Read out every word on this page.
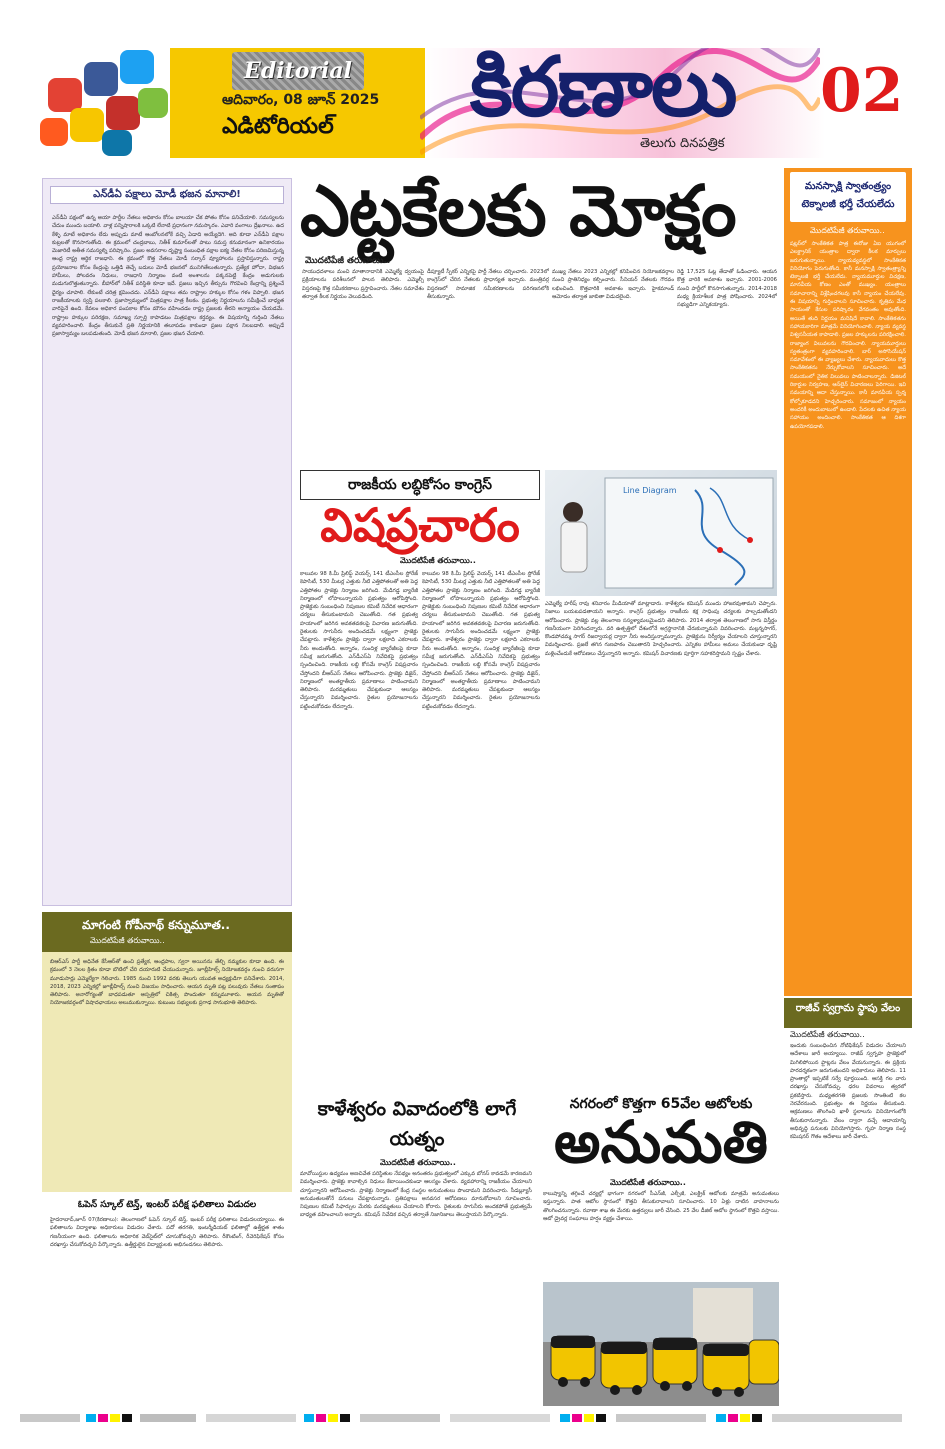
Editorial
ఆదివారం, 08 జూన్ 2025
ఎడిటోరియల్ కిరణాలు
తెలుగు దినపత్రిక
02
ఎన్‌డీఏ పక్షాలు మోడీ భజన మానాలి!
ఎన్‌డీఏ పక్షంలో ఉన్న అయా పార్టీల నేతలు అధికారం కోసం బాలయా చేక పోతం కోసం పనిచేయాలి. సమస్యలను చేదుం ముందు బయాలి. వాళ్ల పన్నిషారాలకి ఒక్కటి లేనాటి ప్రధానంగా నమస్కారం. ఎవారి వంగాలు ద్రేఖనాలు. ఉద కేళ్ళి మాటే అధికారం లేదు అప్పుడు మాటే ఆంబోలనలోకే వచ్చి ఏడాది అయ్యేదెగి. అది కూడా ఎన్‌డీఏ పక్షాల కుట్రలతో కొనసాగుతోంది. ఈ క్రమంలో చంద్రబాబు, నితీశ్ కుమార్‌లతో పాటు సమస్త కనుమానంగా ఉనికారయం మెజారిటీ అతీత సమస్యల్ని పరిష్కారిం. ప్రజల అవసరాల దృష్ట్యా సంబంధిత పక్షాల ఐక్య నేతల కోసం పరిణమిస్తున్న ఆంధ్ర రాష్ట్ర ఆర్థిక రాజధాని. ఈ క్రమంలో కొత్త నేతలు మోడీ సర్కార్ వ్యూహాలను ప్రస్తావిస్తున్నారు. రాష్ట్ర ప్రయోజనాల కోసం కేంద్రంపై ఒత్తిడి తెచ్చే బదులు మోడీ భజనలో మునిగితేలుతున్నారు. ప్రత్యేక హోదా, విభజన హామీలు, పోలవరం నిధులు, రాజధాని నిర్మాణం వంటి అంశాలను పక్కనపెట్టి కేంద్రం అడుగులకు మడుగులొత్తుతున్నారు. బీహార్‌లో నితీశ్ పరిస్థితి కూడా ఇదే. ప్రజలు ఇచ్చిన తీర్పును గౌరవించి కేంద్రాన్ని ప్రశ్నించే ధైర్యం చూపాలి. లేకుంటే చరిత్ర క్షమించదు. ఎన్‌డీఏ పక్షాలు తమ రాష్ట్రాల హక్కుల కోసం గళం విప్పాలి. భజన రాజకీయాలకు స్వస్తి పలకాలి. ప్రజాస్వామ్యంలో మిత్రపక్షాల పాత్ర కీలకం. ప్రభుత్వ నిర్ణయాలను సమీక్షించే బాధ్యత వారిపైనే ఉంది. కేవలం అధికార పంపకాల కోసం మౌనం వహించడం రాష్ట్ర ప్రజలకు తీరని అన్యాయం చేయడమే. రాష్ట్రాల హక్కుల పరిరక్షణ, సమాఖ్య స్ఫూర్తి కాపాడటం మిత్రపక్షాల కర్తవ్యం. ఈ విషయాన్ని గుర్తించి నేతలు వ్యవహరించాలి. కేంద్రం తీసుకునే ప్రతి నిర్ణయానికి తలూపడం కాకుండా ప్రజల పక్షాన నిలబడాలి. అప్పుడే ప్రజాస్వామ్యం బలపడుతుంది. మోడీ భజన మానాలి, ప్రజల భజన చేయాలి.
మాగంటి గోపీనాథ్ కన్నుమూత..
మొదటిపేజీ తరువాయి..
బిఆర్‌ఎస్ పార్టీ అధినేత కేసీఆర్‌తో ఉంచి ప్రత్యేక, ఆంధ్రపాల, స్వరా అయినను తేల్చి నమ్మకుల కూడా ఉంది. ఈ క్రమంలో 3 నెలల క్రితం కూడా బొటిలో చేరి దయారుటి చేయుచున్నారు. జూబ్లీహిల్స్ నియోజకవర్గం నుంచి వరుసగా మూడుసార్లు ఎమ్మెల్యేగా గెలిచారు. 1985 నుంచి 1992 వరకు తెలుగు యువత అధ్యక్షుడిగా పనిచేశారు. 2014, 2018, 2023 ఎన్నికల్లో జూబ్లీహిల్స్ నుంచి విజయం సాధించారు. ఆయన మృతి పట్ల పలువురు నేతలు సంతాపం తెలిపారు. అనారోగ్యంతో బాధపడుతూ ఆస్పత్రిలో చికిత్స పొందుతూ కన్నుమూశారు. ఆయన మృతితో నియోజకవర్గంలో విషాదఛాయలు అలుముకున్నాయి. కుటుంబ సభ్యులకు ప్రగాఢ సానుభూతి తెలిపారు.
ఓపెన్ స్కూల్ టెన్త్, ఇంటర్ పరీక్ష ఫలితాలు విడుదల
హైదరాబాద్,జూన్ 07(కిరణాలు): తెలంగాణలో ఓపెన్ స్కూల్ టెన్త్, ఇంటర్ పరీక్ష ఫలితాలు విడుదలయ్యాయి. ఈ ఫలితాలను విద్యాశాఖ అధికారులు విడుదల చేశారు. పదో తరగతి, ఇంటర్మీడియట్ ఫలితాల్లో ఉత్తీర్ణత శాతం గణనీయంగా ఉంది. ఫలితాలను అధికారిక వెబ్‌సైట్‌లో చూసుకోవచ్చని తెలిపారు. రీకౌంటింగ్, రీవెరిఫికేషన్ కోసం దరఖాస్తు చేసుకోవచ్చని పేర్కొన్నారు. ఉత్తీర్ణులైన విద్యార్థులకు అభినందనలు తెలిపారు.
ఎట్టకేలకు మోక్షం
మొదటిపేజీ తరువాయి..
సాయుధదళాలు మంచి మాతానాదానికి ఎమ్మెల్యే ద్వయంపై ప్రక్రియాలను పరిశీలనలో పాలన తెలిపారు. ఎమ్మెల్సీ విస్తరణపై కొత్త సమీకరణాలు ప్రస్తావించారు. నేతల సమావేశం తర్వాత కీలక నిర్ణయం వెలువడింది.
డీప్యూటీ స్పీకర్ ఎన్నికపై పార్టీ నేతలు చర్చించారు. 2023లో కాంగ్రెస్‌లో చేరిన నేతలకు ప్రాధాన్యత ఇచ్చారు. మంత్రివర్గ విస్తరణలో సామాజిక సమీకరణాలను పరిగణనలోకి తీసుకున్నారు.
ముఖ్య నేతలు 2023 ఎన్నికల్లో కనిపించిన నియోజకవర్గాల నుంచి ప్రాతినిధ్యం కల్పించారు. సీనియర్ నేతలకు గౌరవం లభించింది. కొత్తవారికి అవకాశం ఇచ్చారు. హైకమాండ్ ఆమోదం తర్వాత జాబితా విడుదలైంది.
రెడ్డి 17,525 ఓట్ల తేడాతో ఓడించారు. ఆయన కొత్త వారికి అవకాశం ఇచ్చారు. 2001-2006 నుంచి పార్టీలో కొనసాగుతున్నారు. 2014-2018 మధ్య క్రియాశీలక పాత్ర పోషించారు. 2024లో సభ్యుడిగా ఎన్నికయ్యారు.
రాజకీయ లబ్ధికోసం కాంగ్రెస్
విషప్రచారం
మొదటిపేజీ తరువాయి..
Line Diagram
కాలువల 98 కి.మీ ప్రిలిఫ్ట్ వెయర్స్ 141 టీఎంసీల స్టోరేజ్ కెపాసిటీ, 530 మీటర్ల ఎత్తుకు నీటి ఎత్తిపోతలతో అతి పెద్ద ఎత్తిపోతల ప్రాజెక్టు నిర్మాణం జరిగింది. మేడిగడ్డ బ్యారేజీ నిర్మాణంలో లోపాలున్నాయని ప్రభుత్వం ఆరోపిస్తోంది. ప్రాజెక్టుకు సంబంధించి నిపుణుల కమిటీ నివేదిక ఆధారంగా చర్యలు తీసుకుంటామని చెబుతోంది. గత ప్రభుత్వ హయాంలో జరిగిన అవకతవకలపై విచారణ జరుగుతోంది. రైతులకు సాగునీరు అందించడమే లక్ష్యంగా ప్రాజెక్టు చేపట్టారు. కాళేశ్వరం ప్రాజెక్టు ద్వారా లక్షలాది ఎకరాలకు నీరు అందుతోంది. అన్నారం, సుందిళ్ల బ్యారేజీలపై కూడా సమీక్ష జరుగుతోంది. ఎన్‌డీఎస్‌ఏ నివేదికపై ప్రభుత్వం స్పందించింది. రాజకీయ లబ్ధి కోసమే కాంగ్రెస్ విషప్రచారం చేస్తోందని బీఆర్‌ఎస్ నేతలు ఆరోపించారు. ప్రాజెక్టు డిజైన్, నిర్మాణంలో అంతర్జాతీయ ప్రమాణాలు పాటించామని తెలిపారు. మరమ్మతులు చేపట్టకుండా ఆలస్యం చేస్తున్నారని విమర్శించారు. రైతుల ప్రయోజనాలను పట్టించుకోవడం లేదన్నారు.
కాలువల 98 కి.మీ ప్రిలిఫ్ట్ వెయర్స్ 141 టీఎంసీల స్టోరేజ్ కెపాసిటీ, 530 మీటర్ల ఎత్తుకు నీటి ఎత్తిపోతలతో అతి పెద్ద ఎత్తిపోతల ప్రాజెక్టు నిర్మాణం జరిగింది. మేడిగడ్డ బ్యారేజీ నిర్మాణంలో లోపాలున్నాయని ప్రభుత్వం ఆరోపిస్తోంది. ప్రాజెక్టుకు సంబంధించి నిపుణుల కమిటీ నివేదిక ఆధారంగా చర్యలు తీసుకుంటామని చెబుతోంది. గత ప్రభుత్వ హయాంలో జరిగిన అవకతవకలపై విచారణ జరుగుతోంది. రైతులకు సాగునీరు అందించడమే లక్ష్యంగా ప్రాజెక్టు చేపట్టారు. కాళేశ్వరం ప్రాజెక్టు ద్వారా లక్షలాది ఎకరాలకు నీరు అందుతోంది. అన్నారం, సుందిళ్ల బ్యారేజీలపై కూడా సమీక్ష జరుగుతోంది. ఎన్‌డీఎస్‌ఏ నివేదికపై ప్రభుత్వం స్పందించింది. రాజకీయ లబ్ధి కోసమే కాంగ్రెస్ విషప్రచారం చేస్తోందని బీఆర్‌ఎస్ నేతలు ఆరోపించారు. ప్రాజెక్టు డిజైన్, నిర్మాణంలో అంతర్జాతీయ ప్రమాణాలు పాటించామని తెలిపారు. మరమ్మతులు చేపట్టకుండా ఆలస్యం చేస్తున్నారని విమర్శించారు. రైతుల ప్రయోజనాలను పట్టించుకోవడం లేదన్నారు.
ఎమ్మెల్యే హరీష్ రావు శనివారం మీడియాతో మాట్లాడారు. కాళేశ్వరం కమిషన్ ముందు హాజరవుతామని చెప్పారు. నిజాలు బయటపడతాయని అన్నారు. కాంగ్రెస్ ప్రభుత్వం రాజకీయ కక్ష సాధింపు చర్యలకు పాల్పడుతోందని ఆరోపించారు. ప్రాజెక్టు వల్ల తెలంగాణ సస్యశ్యామలమైందని తెలిపారు. 2014 తర్వాత తెలంగాణలో సాగు విస్తీర్ణం గణనీయంగా పెరిగిందన్నారు. వరి ఉత్పత్తిలో దేశంలోనే అగ్రస్థానానికి చేరుకున్నామని వివరించారు. మల్లన్నసాగర్, కొండపోచమ్మ సాగర్ రిజర్వాయర్ల ద్వారా నీరు అందిస్తున్నామన్నారు. ప్రాజెక్టును నిర్వీర్యం చేయాలని చూస్తున్నారని విమర్శించారు. ప్రజలే తగిన గుణపాఠం చెబుతారని హెచ్చరించారు. ఎన్నికల హామీలు అమలు చేయకుండా దృష్టి మళ్లించేందుకే ఆరోపణలు చేస్తున్నారని అన్నారు. కమిషన్ విచారణకు పూర్తిగా సహకరిస్తామని స్పష్టం చేశారు.
మనస్సాక్షి స్వాతంత్ర్యం టెక్నాలజీ భర్తీ చేయలేదు
మొదటిపేజీ తరువాయి..
షట్లర్‌లో సాంకేతికత పాత్ర ఈరోజు ఏఐ యుగంలో ఎలక్ట్రానిక్ యంత్రాల ద్వారా కీలక మార్పులు జరుగుతున్నాయి. న్యాయవ్యవస్థలో సాంకేతికత వినియోగం పెరుగుతోంది. కానీ మనస్సాక్షి స్వాతంత్ర్యాన్ని టెక్నాలజీ భర్తీ చేయలేదు. న్యాయమూర్తుల విచక్షణ, మానవీయ కోణం ఎంతో ముఖ్యం. యంత్రాలు సమాచారాన్ని విశ్లేషించగలవు కానీ న్యాయం చేయలేవు. ఈ విషయాన్ని గుర్తించాలని సూచించారు. కృత్రిమ మేధ సాయంతో కేసుల పరిష్కారం వేగవంతం అవుతోంది. అయితే తుది నిర్ణయం మనిషిదే కావాలి. సాంకేతికతను సహాయకారిగా మాత్రమే వినియోగించాలి. న్యాయ వ్యవస్థ విశ్వసనీయత కాపాడాలి. ప్రజల హక్కులను పరిరక్షించాలి. రాజ్యాంగ విలువలను గౌరవించాలి. న్యాయమూర్తులు స్వతంత్రంగా వ్యవహరించాలి. బార్ అసోసియేషన్ సమావేశంలో ఈ వ్యాఖ్యలు చేశారు. న్యాయవాదులు కొత్త సాంకేతికతను నేర్చుకోవాలని సూచించారు. అదే సమయంలో నైతిక విలువలు పాటించాలన్నారు. డిజిటల్ రికార్డుల నిర్వహణ, ఆన్‌లైన్ విచారణలు పెరిగాయి. ఇవి సమయాన్ని ఆదా చేస్తున్నాయి. కానీ మానవీయ స్పర్శ కోల్పోకూడదని హెచ్చరించారు. సమాజంలో న్యాయం అందరికీ అందుబాటులో ఉండాలి. పేదలకు ఉచిత న్యాయ సహాయం అందించాలి. సాంకేతికత ఆ దిశగా ఉపయోగపడాలి.
రాజీవ్ స్వగ్రామ స్థాపు వేలం
మొదటిపేజీ తరువాయి..
ఇందుకు సంబంధించిన నోటిఫికేషన్ విడుదల చేయాలని ఆదేశాలు జారీ అయ్యాయి. రాజీవ్ స్వగృహ ప్రాజెక్టులో మిగిలిపోయిన ఫ్లాట్లను వేలం వేయనున్నారు. ఈ ప్రక్రియ పారదర్శకంగా జరుగుతుందని అధికారులు తెలిపారు. 11 ప్రాంతాల్లో ఇప్పటికే సర్వే పూర్తయింది. ఆసక్తి గల వారు దరఖాస్తు చేసుకోవచ్చు. ధరల వివరాలు త్వరలో ప్రకటిస్తారు. మధ్యతరగతి ప్రజలకు సొంతింటి కల నెరవేరనుంది. ప్రభుత్వం ఈ నిర్ణయం తీసుకుంది. ఆక్రమణలు తొలగించి ఖాళీ స్థలాలను వినియోగంలోకి తీసుకురానున్నారు. వేలం ద్వారా వచ్చే ఆదాయాన్ని అభివృద్ధి పనులకు వినియోగిస్తారు. గృహ నిర్మాణ సంస్థ కమిషనర్ గౌతం ఆదేశాలు జారీ చేశారు.
కాళేశ్వరం వివాదంలోకి లాగే యత్నం
మొదటిపేజీ తరువాయి..
మావోయిస్టుల ఉద్యమం అణచివేత పరిస్థితుల నేపథ్యం అనంతరం ప్రభుత్వంలో ఎక్కువ బోనస్ కావడమే కారణమని విమర్శించారు. ప్రాజెక్టు కావాల్సిన నిధులు కేటాయించకుండా ఆలస్యం చేశారు. వ్యవహారాన్ని రాజకీయం చేయాలని చూస్తున్నారని ఆరోపించారు. ప్రాజెక్టు నిర్మాణంలో కేంద్ర సంస్థల అనుమతులు పొందామని వివరించారు. సీడబ్ల్యూసీ అనుమతులతోనే పనులు చేపట్టామన్నారు. ప్రతిపక్షాలు అనవసర ఆరోపణలు మానుకోవాలని సూచించారు. నిపుణుల కమిటీ సిఫార్సుల మేరకు మరమ్మతులు చేయాలని కోరారు. రైతులకు సాగునీరు అందకపోతే ప్రభుత్వమే బాధ్యత వహించాలని అన్నారు. కమిషన్ నివేదిక వచ్చిన తర్వాతే నిజానిజాలు తెలుస్తాయని పేర్కొన్నారు.
నగరంలో కొత్తగా 65వేల ఆటోలకు
అనుమతి
మొదటిపేజీ తరువాయి..
కాలుష్యాన్ని తగ్గించే చర్యల్లో భాగంగా నగరంలో సీఎన్‌జీ, ఎల్పీజీ, ఎలక్ట్రిక్ ఆటోలకు మాత్రమే అనుమతులు ఇస్తున్నారు. పాత ఆటోల స్థానంలో కొత్తవి తీసుకురావాలని సూచించారు. 10 ఏళ్లు దాటిన వాహనాలను తొలగించనున్నారు. రవాణా శాఖ ఈ మేరకు ఉత్తర్వులు జారీ చేసింది. 25 వేల డీజిల్ ఆటోల స్థానంలో కొత్తవి వస్తాయి. ఆటో డ్రైవర్ల సంఘాలు హర్షం వ్యక్తం చేశాయి.
